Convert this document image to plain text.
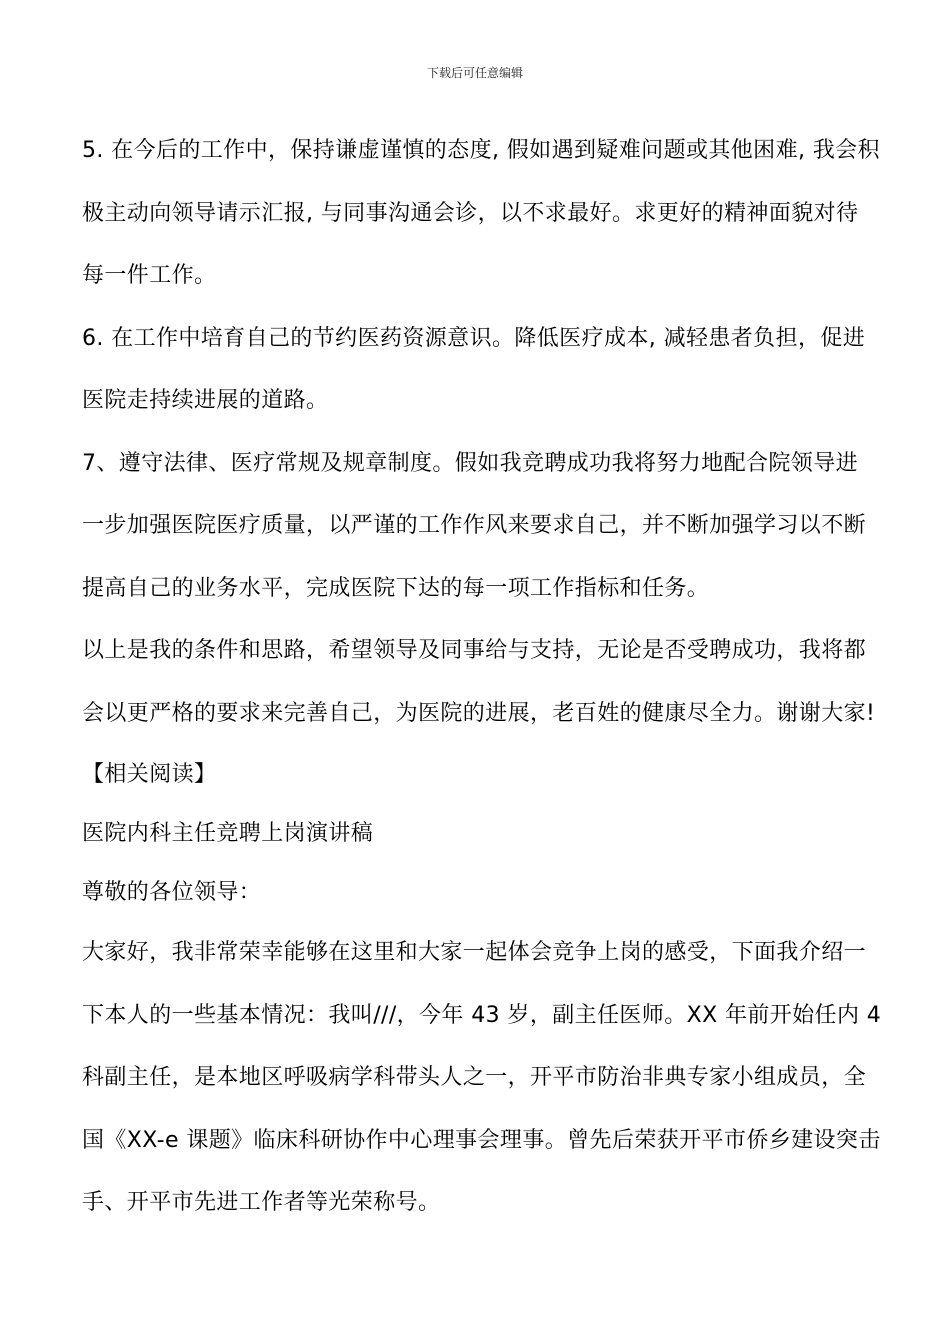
下载后可任意编辑
5. 在今后的工作中，保持谦虚谨慎的态度, 假如遇到疑难问题或其他困难, 我会积
极主动向领导请示汇报, 与同事沟通会诊，以不求最好。求更好的精神面貌对待
每一件工作。
6. 在工作中培育自己的节约医药资源意识。降低医疗成本, 减轻患者负担，促进
医院走持续进展的道路。
7、遵守法律、医疗常规及规章制度。假如我竞聘成功我将努力地配合院领导进
一步加强医院医疗质量，以严谨的工作作风来要求自己，并不断加强学习以不断
提高自己的业务水平，完成医院下达的每一项工作指标和任务。
以上是我的条件和思路，希望领导及同事给与支持，无论是否受聘成功，我将都
会以更严格的要求来完善自己，为医院的进展，老百姓的健康尽全力。谢谢大家!
【相关阅读】
医院内科主任竞聘上岗演讲稿
尊敬的各位领导：
大家好，我非常荣幸能够在这里和大家一起体会竞争上岗的感受，下面我介绍一
下本人的一些基本情况：我叫///，今年 43 岁，副主任医师。XX 年前开始任内 4
科副主任，是本地区呼吸病学科带头人之一，开平市防治非典专家小组成员，全
国《XX-e 课题》临床科研协作中心理事会理事。曾先后荣获开平市侨乡建设突击
手、开平市先进工作者等光荣称号。
